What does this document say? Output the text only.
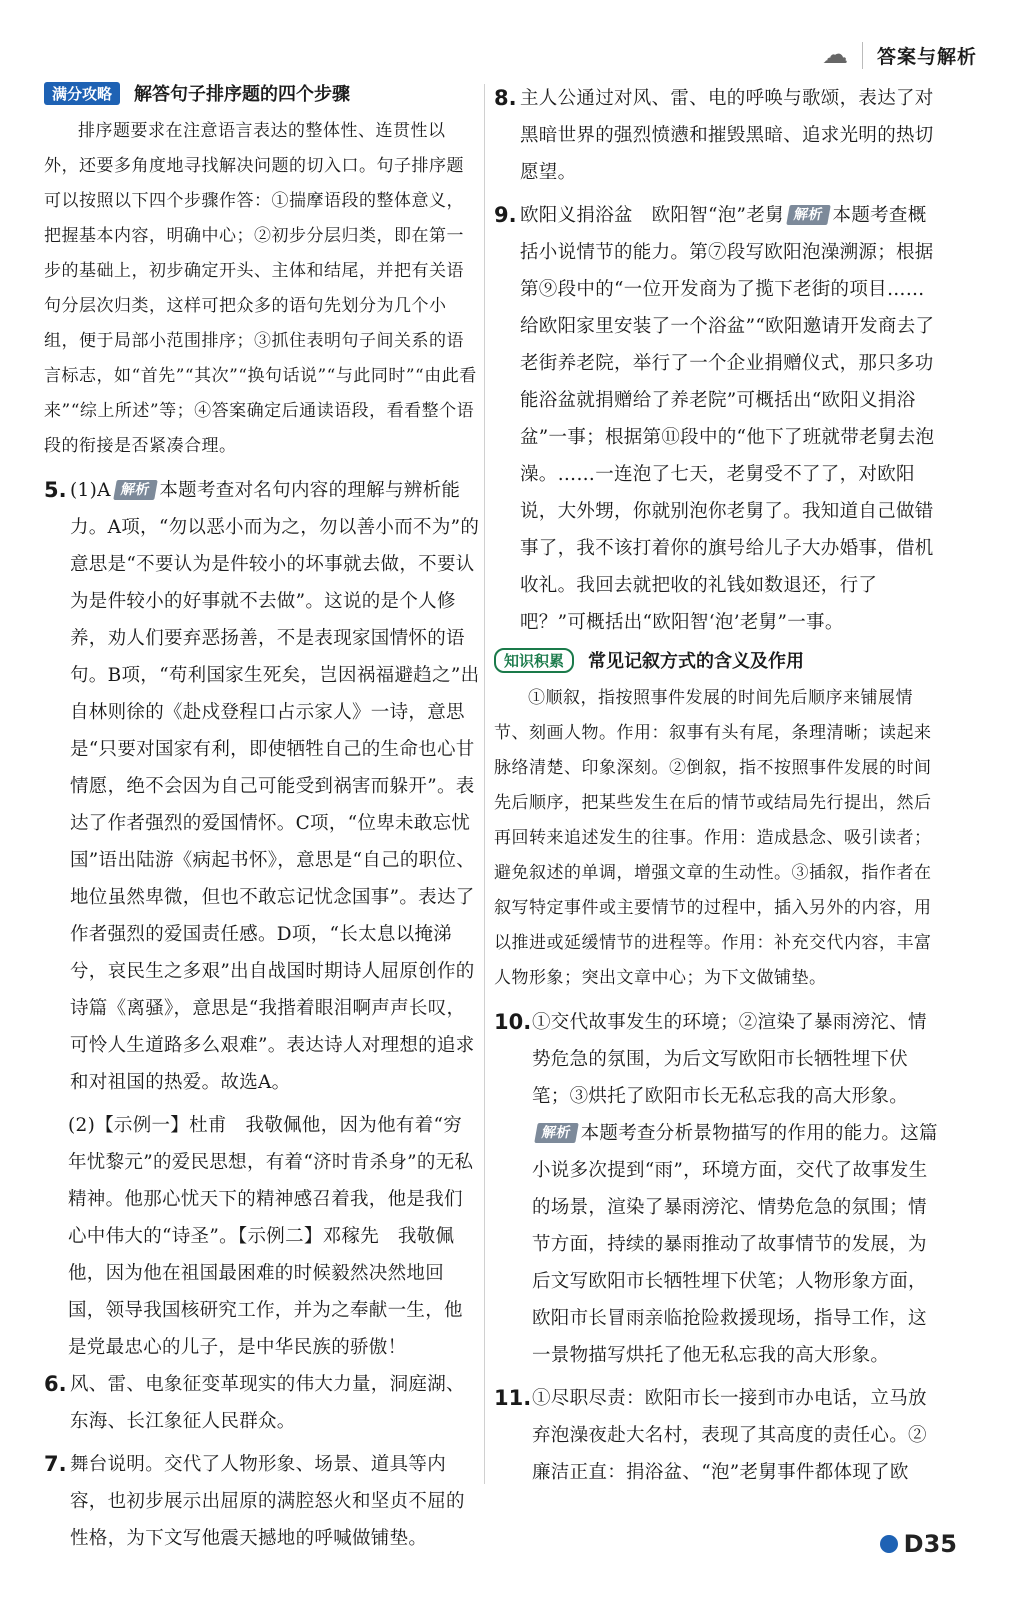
☁	答案与解析
满分攻略	解答句子排序题的四个步骤

排序题要求在注意语言表达的整体性、连贯性以外，还要多角度地寻找解决问题的切入口。句子排序题可以按照以下四个步骤作答：①揣摩语段的整体意义，把握基本内容，明确中心；②初步分层归类，即在第一步的基础上，初步确定开头、主体和结尾，并把有关语句分层次归类，这样可把众多的语句先划分为几个小组，便于局部小范围排序；③抓住表明句子间关系的语言标志，如“首先”“其次”“换句话说”“与此同时”“由此看来”“综上所述”等；④答案确定后通读语段，看看整个语段的衔接是否紧凑合理。

5. (1)A 解析 本题考查对名句内容的理解与辨析能力。A项，“勿以恶小而为之，勿以善小而不为”的意思是“不要认为是件较小的坏事就去做，不要认为是件较小的好事就不去做”。这说的是个人修养，劝人们要弃恶扬善，不是表现家国情怀的语句。B项，“苟利国家生死矣，岂因祸福避趋之”出自林则徐的《赴戍登程口占示家人》一诗，意思是“只要对国家有利，即使牺牲自己的生命也心甘情愿，绝不会因为自己可能受到祸害而躲开”。表达了作者强烈的爱国情怀。C项，“位卑未敢忘忧国”语出陆游《病起书怀》，意思是“自己的职位、地位虽然卑微，但也不敢忘记忧念国事”。表达了作者强烈的爱国责任感。D项，“长太息以掩涕兮，哀民生之多艰”出自战国时期诗人屈原创作的诗篇《离骚》，意思是“我揩着眼泪啊声声长叹，可怜人生道路多么艰难”。表达诗人对理想的追求和对祖国的热爱。故选A。

(2)【示例一】杜甫　我敬佩他，因为他有着“穷年忧黎元”的爱民思想，有着“济时肯杀身”的无私精神。他那心忧天下的精神感召着我，他是我们心中伟大的“诗圣”。【示例二】邓稼先　我敬佩他，因为他在祖国最困难的时候毅然决然地回国，领导我国核研究工作，并为之奉献一生，他是党最忠心的儿子，是中华民族的骄傲！

6. 风、雷、电象征变革现实的伟大力量，洞庭湖、东海、长江象征人民群众。
7. 舞台说明。交代了人物形象、场景、道具等内容，也初步展示出屈原的满腔怒火和坚贞不屈的性格，为下文写他震天撼地的呼喊做铺垫。
8. 主人公通过对风、雷、电的呼唤与歌颂，表达了对黑暗世界的强烈愤懑和摧毁黑暗、追求光明的热切愿望。
9. 欧阳义捐浴盆　欧阳智“泡”老舅 解析 本题考查概括小说情节的能力。第⑦段写欧阳泡澡溯源；根据第⑨段中的“一位开发商为了揽下老街的项目……给欧阳家里安装了一个浴盆”“欧阳邀请开发商去了老街养老院，举行了一个企业捐赠仪式，那只多功能浴盆就捐赠给了养老院”可概括出“欧阳义捐浴盆”一事；根据第⑪段中的“他下了班就带老舅去泡澡。……一连泡了七天，老舅受不了了，对欧阳说，大外甥，你就别泡你老舅了。我知道自己做错事了，我不该打着你的旗号给儿子大办婚事，借机收礼。我回去就把收的礼钱如数退还，行了吧？”可概括出“欧阳智‘泡’老舅”一事。
知识积累	常见记叙方式的含义及作用

①顺叙，指按照事件发展的时间先后顺序来铺展情节、刻画人物。作用：叙事有头有尾，条理清晰；读起来脉络清楚、印象深刻。②倒叙，指不按照事件发展的时间先后顺序，把某些发生在后的情节或结局先行提出，然后再回转来追述发生的往事。作用：造成悬念、吸引读者；避免叙述的单调，增强文章的生动性。③插叙，指作者在叙写特定事件或主要情节的过程中，插入另外的内容，用以推进或延缓情节的进程等。作用：补充交代内容，丰富人物形象；突出文章中心；为下文做铺垫。

10. ①交代故事发生的环境；②渲染了暴雨滂沱、情势危急的氛围，为后文写欧阳市长牺牲埋下伏笔；③烘托了欧阳市长无私忘我的高大形象。
解析 本题考查分析景物描写的作用的能力。这篇小说多次提到“雨”，环境方面，交代了故事发生的场景，渲染了暴雨滂沱、情势危急的氛围；情节方面，持续的暴雨推动了故事情节的发展，为后文写欧阳市长牺牲埋下伏笔；人物形象方面，欧阳市长冒雨亲临抢险救援现场，指导工作，这一景物描写烘托了他无私忘我的高大形象。
11. ①尽职尽责：欧阳市长一接到市办电话，立马放弃泡澡夜赴大名村，表现了其高度的责任心。②廉洁正直：捐浴盆、“泡”老舅事件都体现了欧
D35
